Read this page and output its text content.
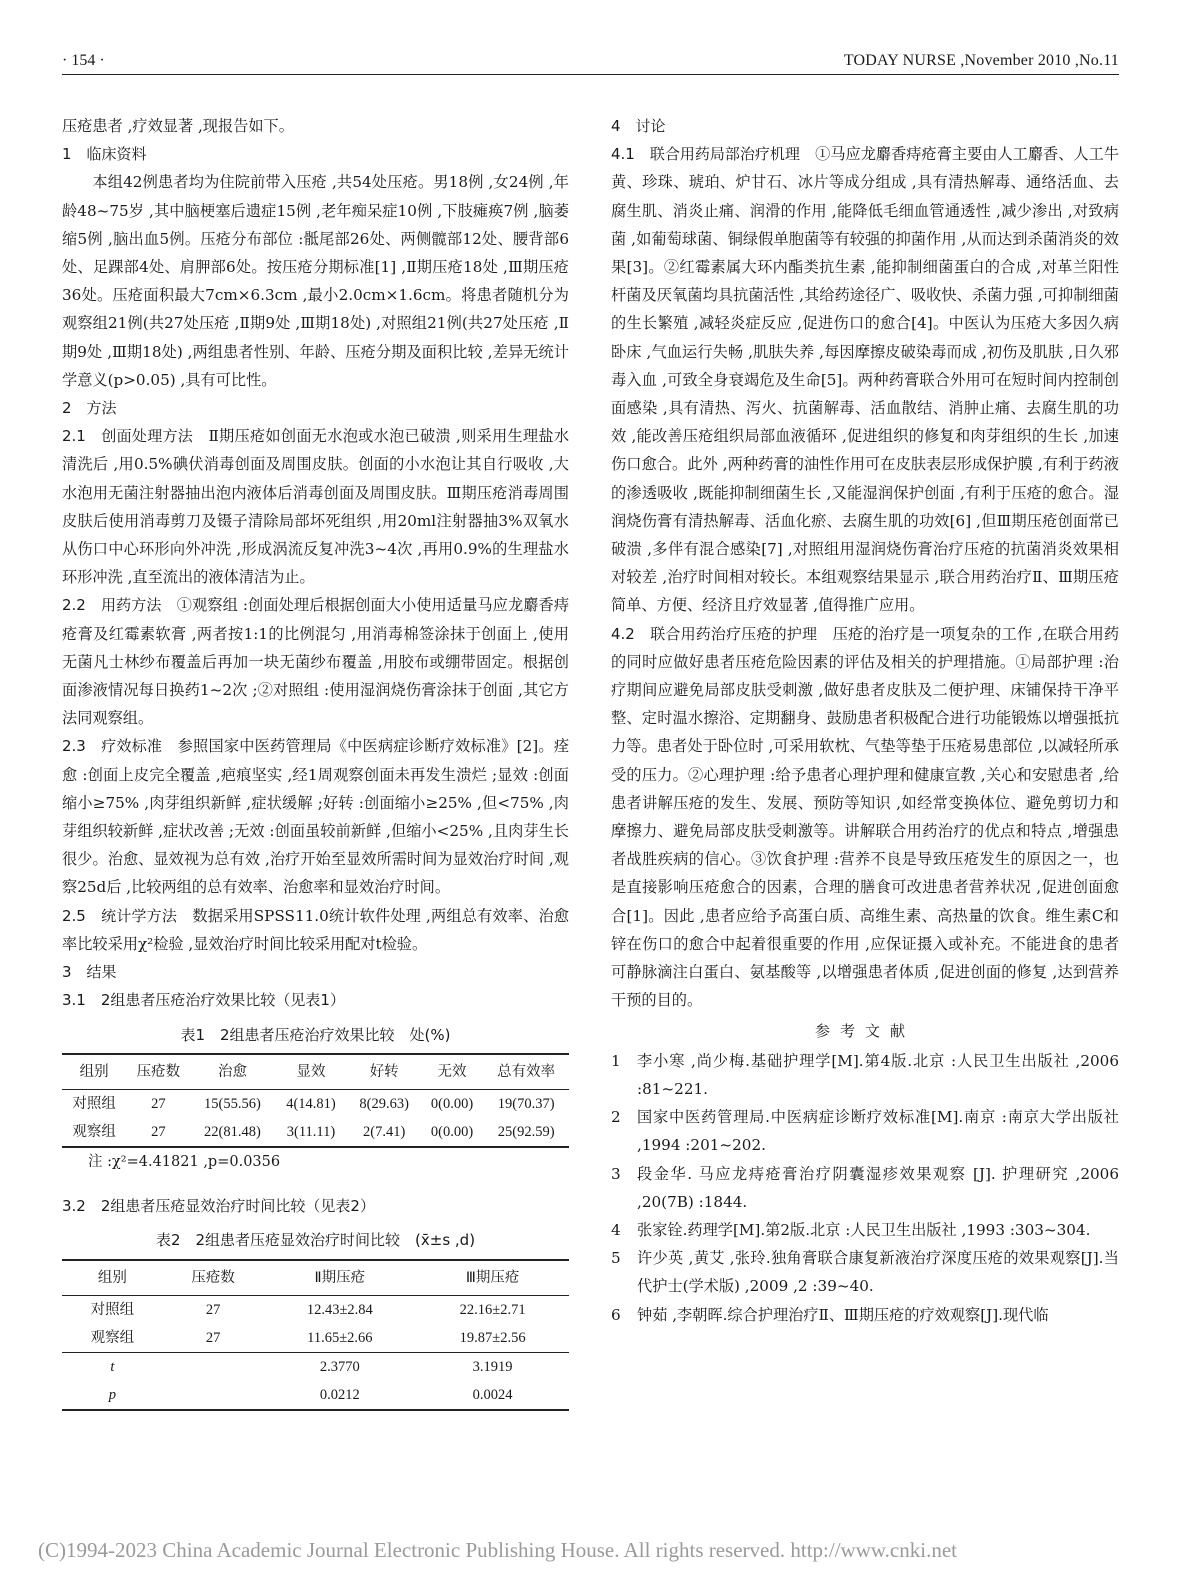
· 154 ·	TODAY NURSE ,November 2010 ,No.11

压疮患者 ,疗效显著 ,现报告如下。

1　临床资料

本组42例患者均为住院前带入压疮 ,共54处压疮。男18例 ,女24例 ,年龄48~75岁 ,其中脑梗塞后遗症15例 ,老年痴呆症10例 ,下肢瘫痪7例 ,脑萎缩5例 ,脑出血5例。压疮分布部位 :骶尾部26处、两侧髋部12处、腰背部6处、足踝部4处、肩胛部6处。按压疮分期标准[1] ,Ⅱ期压疮18处 ,Ⅲ期压疮36处。压疮面积最大7cm×6.3cm ,最小2.0cm×1.6cm。将患者随机分为观察组21例(共27处压疮 ,Ⅱ期9处 ,Ⅲ期18处) ,对照组21例(共27处压疮 ,Ⅱ期9处 ,Ⅲ期18处) ,两组患者性别、年龄、压疮分期及面积比较 ,差异无统计学意义(p>0.05) ,具有可比性。

2　方法

2.1　创面处理方法　 Ⅱ期压疮如创面无水泡或水泡已破溃 ,则采用生理盐水清洗后 ,用0.5%碘伏消毒创面及周围皮肤。创面的小水泡让其自行吸收 ,大水泡用无菌注射器抽出泡内液体后消毒创面及周围皮肤。Ⅲ期压疮消毒周围皮肤后使用消毒剪刀及镊子清除局部坏死组织 ,用20ml注射器抽3%双氧水从伤口中心环形向外冲洗 ,形成涡流反复冲洗3~4次 ,再用0.9%的生理盐水环形冲洗 ,直至流出的液体清洁为止。

2.2　用药方法　 ①观察组 :创面处理后根据创面大小使用适量马应龙麝香痔疮膏及红霉素软膏 ,两者按1:1的比例混匀 ,用消毒棉签涂抹于创面上 ,使用无菌凡士林纱布覆盖后再加一块无菌纱布覆盖 ,用胶布或绷带固定。根据创面渗液情况每日换药1~2次 ;②对照组 :使用湿润烧伤膏涂抹于创面 ,其它方法同观察组。

2.3　疗效标准　 参照国家中医药管理局《中医病症诊断疗效标准》[2]。痊愈 :创面上皮完全覆盖 ,疤痕坚实 ,经1周观察创面未再发生溃烂 ;显效 :创面缩小≥75% ,肉芽组织新鲜 ,症状缓解 ;好转 :创面缩小≥25% ,但<75% ,肉芽组织较新鲜 ,症状改善 ;无效 :创面虽较前新鲜 ,但缩小<25% ,且肉芽生长很少。治愈、显效视为总有效 ,治疗开始至显效所需时间为显效治疗时间 ,观察25d后 ,比较两组的总有效率、治愈率和显效治疗时间。

2.5　统计学方法　 数据采用SPSS11.0统计软件处理 ,两组总有效率、治愈率比较采用χ²检验 ,显效治疗时间比较采用配对t检验。

3　结果

3.1　2组患者压疮治疗效果比较（见表1）

表1　2组患者压疮治疗效果比较　处(%)
组别	压疮数	治愈	显效	好转	无效	总有效率
对照组	27	15(55.56)	4(14.81)	8(29.63)	0(0.00)	19(70.37)
观察组	27	22(81.48)	3(11.11)	2(7.41)	0(0.00)	25(92.59)
注 :χ²=4.41821 ,p=0.0356

3.2　2组患者压疮显效治疗时间比较（见表2）

表2　2组患者压疮显效治疗时间比较　(x̄±s ,d)
组别	压疮数	Ⅱ期压疮	Ⅲ期压疮
对照组	27	12.43±2.84	22.16±2.71
观察组	27	11.65±2.66	19.87±2.56
t		2.3770	3.1919
p		0.0212	0.0024

4　讨论

4.1　联合用药局部治疗机理　 ①马应龙麝香痔疮膏主要由人工麝香、人工牛黄、珍珠、琥珀、炉甘石、冰片等成分组成 ,具有清热解毒、通络活血、去腐生肌、消炎止痛、润滑的作用 ,能降低毛细血管通透性 ,减少渗出 ,对致病菌 ,如葡萄球菌、铜绿假单胞菌等有较强的抑菌作用 ,从而达到杀菌消炎的效果[3]。②红霉素属大环内酯类抗生素 ,能抑制细菌蛋白的合成 ,对革兰阳性杆菌及厌氧菌均具抗菌活性 ,其给药途径广、吸收快、杀菌力强 ,可抑制细菌的生长繁殖 ,减轻炎症反应 ,促进伤口的愈合[4]。中医认为压疮大多因久病卧床 ,气血运行失畅 ,肌肤失养 ,每因摩擦皮破染毒而成 ,初伤及肌肤 ,日久邪毒入血 ,可致全身衰竭危及生命[5]。两种药膏联合外用可在短时间内控制创面感染 ,具有清热、泻火、抗菌解毒、活血散结、消肿止痛、去腐生肌的功效 ,能改善压疮组织局部血液循环 ,促进组织的修复和肉芽组织的生长 ,加速伤口愈合。此外 ,两种药膏的油性作用可在皮肤表层形成保护膜 ,有利于药液的渗透吸收 ,既能抑制细菌生长 ,又能湿润保护创面 ,有利于压疮的愈合。湿润烧伤膏有清热解毒、活血化瘀、去腐生肌的功效[6] ,但Ⅲ期压疮创面常已破溃 ,多伴有混合感染[7] ,对照组用湿润烧伤膏治疗压疮的抗菌消炎效果相对较差 ,治疗时间相对较长。本组观察结果显示 ,联合用药治疗Ⅱ、Ⅲ期压疮简单、方便、经济且疗效显著 ,值得推广应用。

4.2　联合用药治疗压疮的护理　 压疮的治疗是一项复杂的工作 ,在联合用药的同时应做好患者压疮危险因素的评估及相关的护理措施。①局部护理 :治疗期间应避免局部皮肤受刺激 ,做好患者皮肤及二便护理、床铺保持干净平整、定时温水擦浴、定期翻身、鼓励患者积极配合进行功能锻炼以增强抵抗力等。患者处于卧位时 ,可采用软枕、气垫等垫于压疮易患部位 ,以减轻所承受的压力。②心理护理 :给予患者心理护理和健康宣教 ,关心和安慰患者 ,给患者讲解压疮的发生、发展、预防等知识 ,如经常变换体位、避免剪切力和摩擦力、避免局部皮肤受刺激等。讲解联合用药治疗的优点和特点 ,增强患者战胜疾病的信心。③饮食护理 :营养不良是导致压疮发生的原因之一，也是直接影响压疮愈合的因素，合理的膳食可改进患者营养状况 ,促进创面愈合[1]。因此 ,患者应给予高蛋白质、高维生素、高热量的饮食。维生素C和锌在伤口的愈合中起着很重要的作用 ,应保证摄入或补充。不能进食的患者可静脉滴注白蛋白、氨基酸等 ,以增强患者体质 ,促进创面的修复 ,达到营养干预的目的。

参考文献
1 李小寒 ,尚少梅.基础护理学[M].第4版.北京 :人民卫生出版社 ,2006 :81~221.
2 国家中医药管理局.中医病症诊断疗效标准[M].南京 :南京大学出版社 ,1994 :201~202.
3 段金华. 马应龙痔疮膏治疗阴囊湿疹效果观察 [J]. 护理研究 ,2006 ,20(7B) :1844.
4 张家铨.药理学[M].第2版.北京 :人民卫生出版社 ,1993 :303~304.
5 许少英 ,黄艾 ,张玲.独角膏联合康复新液治疗深度压疮的效果观察[J].当代护士(学术版) ,2009 ,2 :39~40.
6 钟茹 ,李朝晖.综合护理治疗Ⅱ、Ⅲ期压疮的疗效观察[J].现代临
(C)1994-2023 China Academic Journal Electronic Publishing House. All rights reserved. http://www.cnki.net
